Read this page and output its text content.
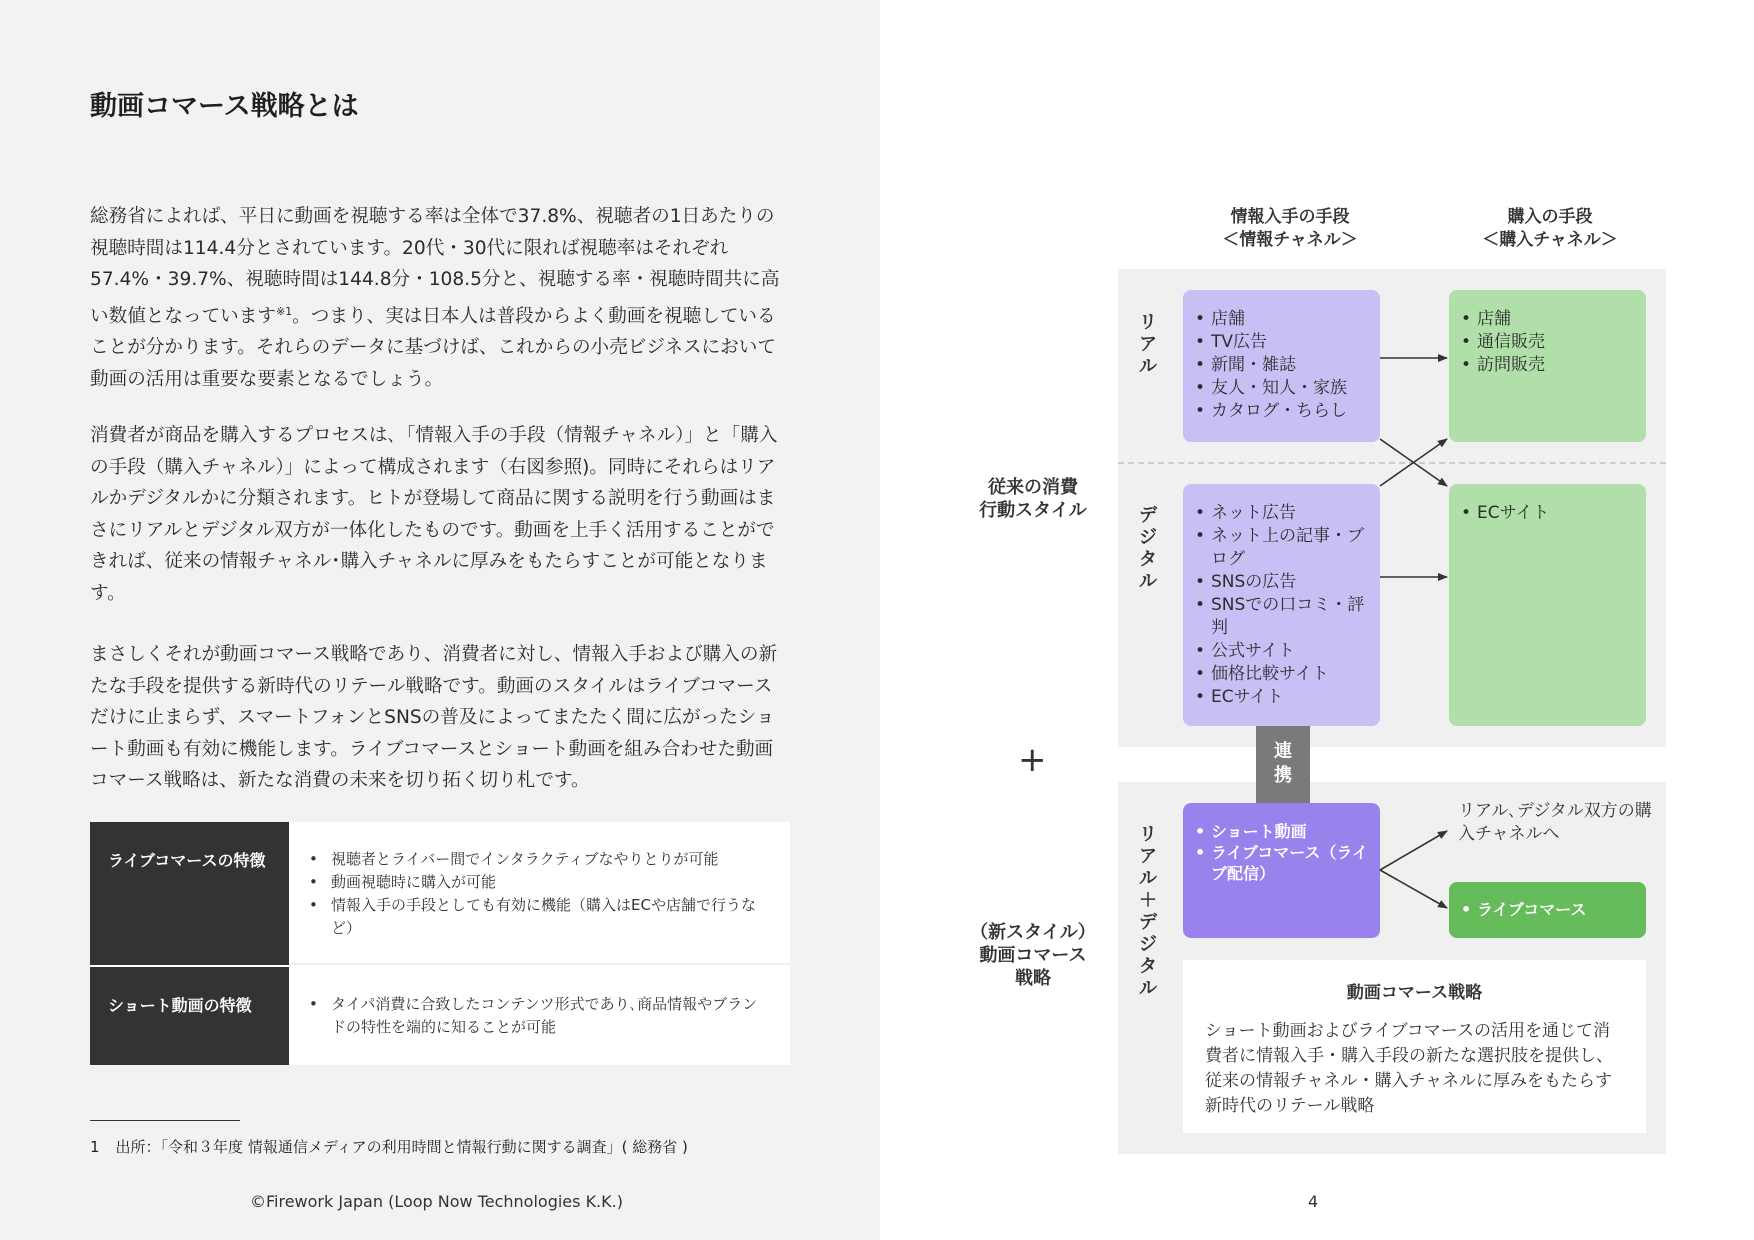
動画コマース戦略とは

総務省によれば、平日に動画を視聴する率は全体で37.8%、視聴者の1日あたりの視聴時間は114.4分とされています。20代・30代に限れば視聴率はそれぞれ57.4%・39.7%、視聴時間は144.8分・108.5分と、視聴する率・視聴時間共に高い数値となっています$^{※1}$。つまり、実は日本人は普段からよく動画を視聴していることが分かります。それらのデータに基づけば、これからの小売ビジネスにおいて動画の活用は重要な要素となるでしょう。

消費者が商品を購入するプロセスは､「情報入手の手段（情報チャネル）」と「購入の手段（購入チャネル）」によって構成されます（右図参照)。同時にそれらはリアルかデジタルかに分類されます。ヒトが登場して商品に関する説明を行う動画はまさにリアルとデジタル双方が一体化したものです。動画を上手く活用することができれば、従来の情報チャネル･購入チャネルに厚みをもたらすことが可能となります。

まさしくそれが動画コマース戦略であり、消費者に対し、情報入手および購入の新たな手段を提供する新時代のリテール戦略です。動画のスタイルはライブコマースだけに止まらず、スマートフォンとSNSの普及によってまたたく間に広がったショート動画も有効に機能します。ライブコマースとショート動画を組み合わせた動画コマース戦略は、新たな消費の未来を切り拓く切り札です。

ライブコマースの特徴	• 視聴者とライバー間でインタラクティブなやりとりが可能
• 動画視聴時に購入が可能
• 情報入手の手段としても有効に機能（購入はECや店舗で行うなど）
ショート動画の特徴	• タイパ消費に合致したコンテンツ形式であり､商品情報やブランドの特性を端的に知ることが可能
1 出所：「令和３年度 情報通信メディアの利用時間と情報行動に関する調査」( 総務省 )
©Firework Japan (Loop Now Technologies K.K.)	4
情報入手の手段
＜情報チャネル＞
購入の手段
＜購入チャネル＞
リアル
デジタル
リアル＋デジタル
従来の消費
行動スタイル
+
（新スタイル）
動画コマース
戦略
• 店舗
• TV広告
• 新聞・雑誌
• 友人・知人・家族
• カタログ・ちらし
• ネット広告
• ネット上の記事・ブログ
• SNSの広告
• SNSでの口コミ・評判
• 公式サイト
• 価格比較サイト
• ECサイト
• 店舗
• 通信販売
• 訪問販売
• ECサイト
連携
• ショート動画
• ライブコマース（ライブ配信）
リアル､デジタル双方の購入チャネルへ
• ライブコマース
動画コマース戦略
ショート動画およびライブコマースの活用を通じて消費者に情報入手・購入手段の新たな選択肢を提供し、従来の情報チャネル・購入チャネルに厚みをもたらす新時代のリテール戦略
